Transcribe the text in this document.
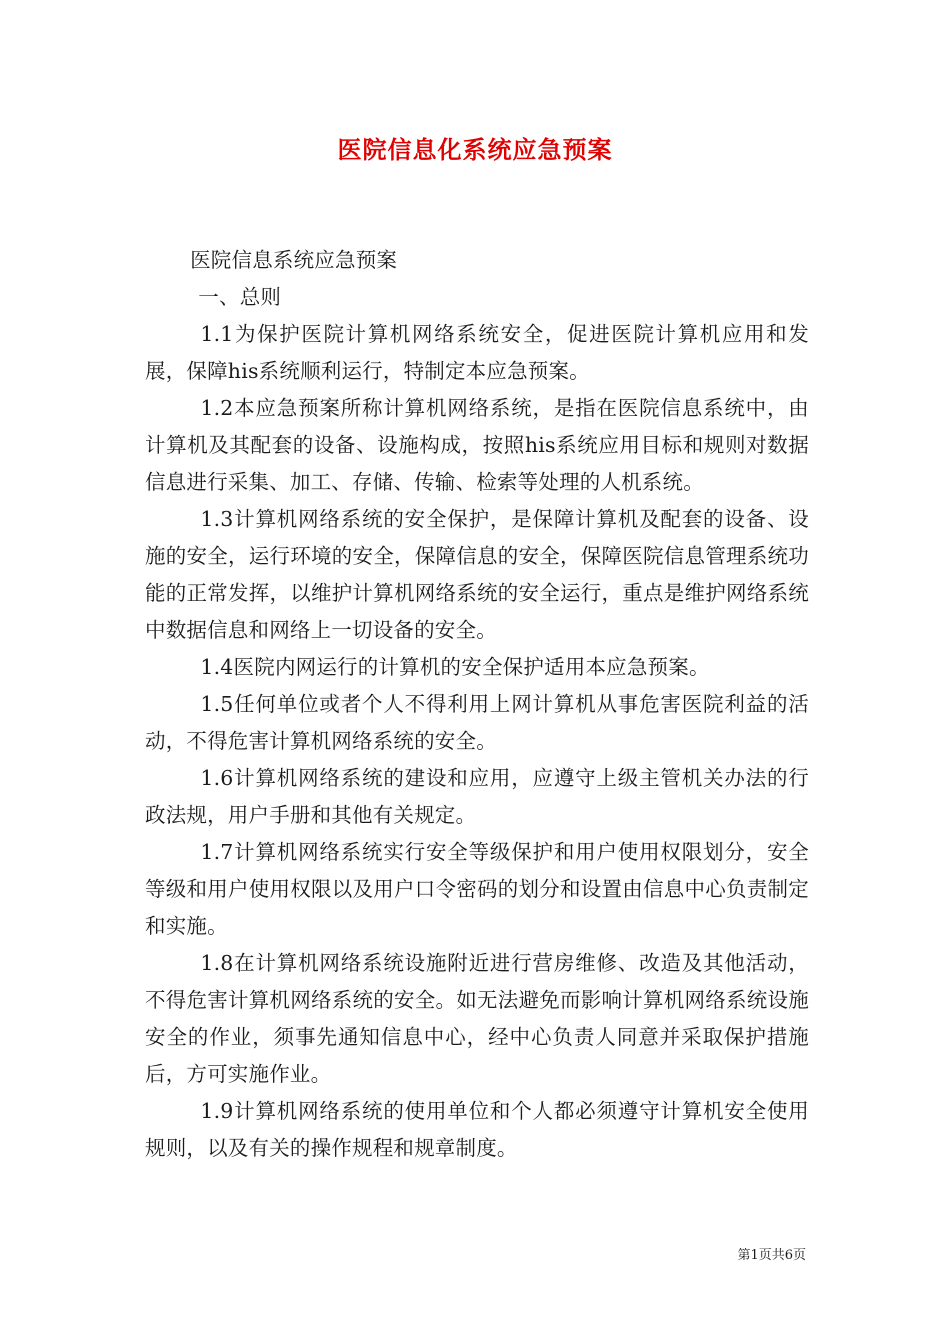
医院信息化系统应急预案

医院信息系统应急预案

一、总则

1.1为保护医院计算机网络系统安全，促进医院计算机应用和发展，保障his系统顺利运行，特制定本应急预案。

1.2本应急预案所称计算机网络系统，是指在医院信息系统中，由计算机及其配套的设备、设施构成，按照his系统应用目标和规则对数据信息进行采集、加工、存储、传输、检索等处理的人机系统。

1.3计算机网络系统的安全保护，是保障计算机及配套的设备、设施的安全，运行环境的安全，保障信息的安全，保障医院信息管理系统功能的正常发挥，以维护计算机网络系统的安全运行，重点是维护网络系统中数据信息和网络上一切设备的安全。

1.4医院内网运行的计算机的安全保护适用本应急预案。

1.5任何单位或者个人不得利用上网计算机从事危害医院利益的活动，不得危害计算机网络系统的安全。

1.6计算机网络系统的建设和应用，应遵守上级主管机关办法的行政法规，用户手册和其他有关规定。

1.7计算机网络系统实行安全等级保护和用户使用权限划分，安全等级和用户使用权限以及用户口令密码的划分和设置由信息中心负责制定和实施。

1.8在计算机网络系统设施附近进行营房维修、改造及其他活动，不得危害计算机网络系统的安全。如无法避免而影响计算机网络系统设施安全的作业，须事先通知信息中心，经中心负责人同意并采取保护措施后，方可实施作业。

1.9计算机网络系统的使用单位和个人都必须遵守计算机安全使用规则，以及有关的操作规程和规章制度。

第1页共6页
